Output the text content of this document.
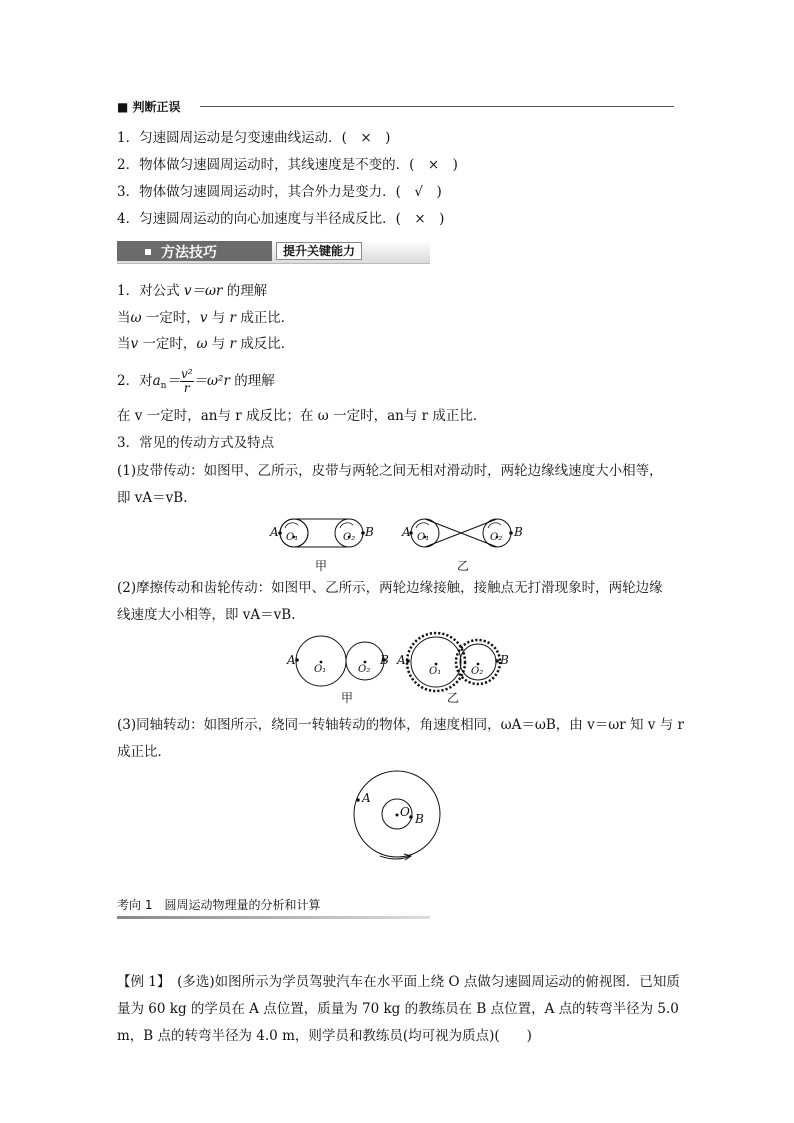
■ 判断正误
1．匀速圆周运动是匀变速曲线运动．(　×　)
2．物体做匀速圆周运动时，其线速度是不变的．(　×　)
3．物体做匀速圆周运动时，其合外力是变力．(　√　)
4．匀速圆周运动的向心加速度与半径成反比．(　×　)
方法技巧	提升关键能力
1．对公式 v＝ωr 的理解
当ω 一定时，v 与 r 成正比．
当v 一定时，ω 与 r 成反比．
2．对$a_n= \frac{\text{v²}}{r} =\omega^2r$ 的理解
在 v 一定时，an与 r 成反比；在 ω 一定时，an与 r 成正比．
3．常见的传动方式及特点
(1)皮带传动：如图甲、乙所示，皮带与两轮之间无相对滑动时，两轮边缘线速度大小相等，
即 vA＝vB.
A	B
O₁	O₂
甲
A	B
O₁	O₂
乙
(2)摩擦传动和齿轮传动：如图甲、乙所示，两轮边缘接触，接触点无打滑现象时，两轮边缘
线速度大小相等，即 vA＝vB.
A	B
O₁	O₂
甲
A	B
O₁	O₂
乙
(3)同轴转动：如图所示，绕同一转轴转动的物体，角速度相同，ωA＝ωB，由 v＝ωr 知 v 与 r
成正比．
A
B
O
考向 1　圆周运动物理量的分析和计算
【例 1】　(多选)如图所示为学员驾驶汽车在水平面上绕 O 点做匀速圆周运动的俯视图．已知质
量为 60 kg 的学员在 A 点位置，质量为 70 kg 的教练员在 B 点位置，A 点的转弯半径为 5.0
m，B 点的转弯半径为 4.0 m，则学员和教练员(均可视为质点)(　　)
